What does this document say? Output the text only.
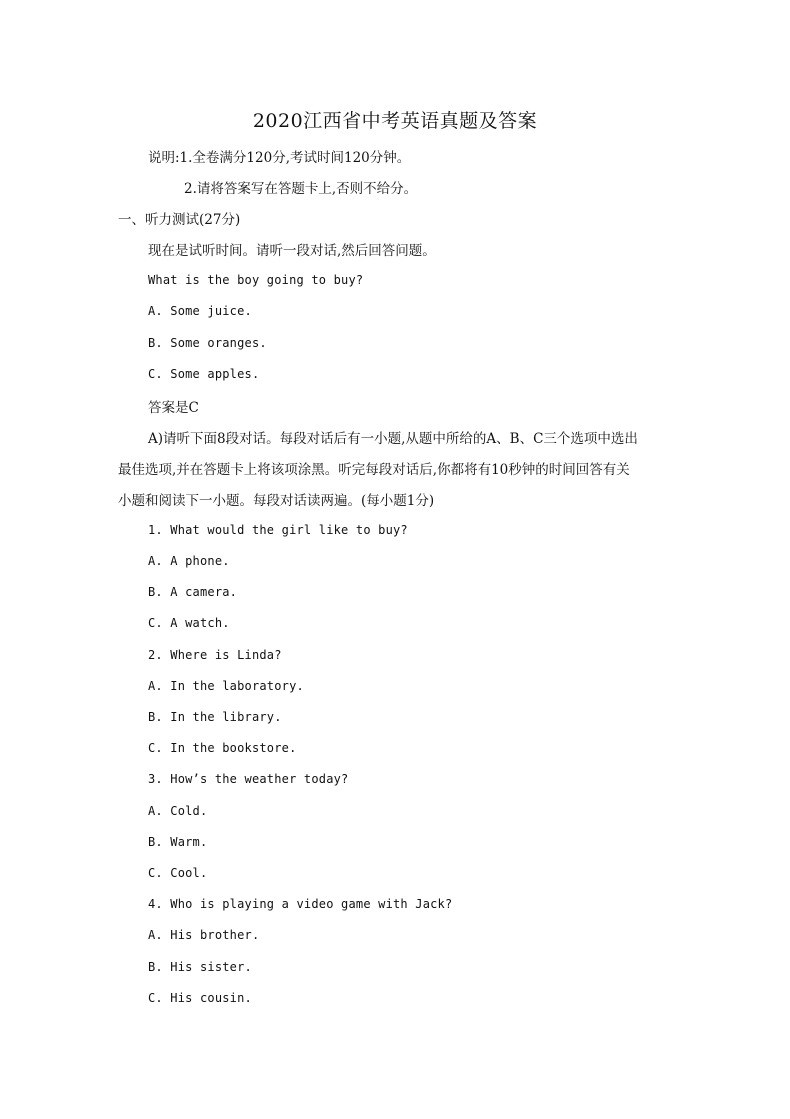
2020江西省中考英语真题及答案
说明:1.全卷满分120分,考试时间120分钟。
2.请将答案写在答题卡上,否则不给分。
一、听力测试(27分)
现在是试听时间。请听一段对话,然后回答问题。
What is the boy going to buy?
A. Some juice.
B. Some oranges.
C. Some apples.
答案是C
A)请听下面8段对话。每段对话后有一小题,从题中所给的A、B、C三个选项中选出
最佳选项,并在答题卡上将该项涂黑。听完每段对话后,你都将有10秒钟的时间回答有关
小题和阅读下一小题。每段对话读两遍。(每小题1分)
1. What would the girl like to buy?
A. A phone.
B. A camera.
C. A watch.
2. Where is Linda?
A. In the laboratory.
B. In the library.
C. In the bookstore.
3. How’s the weather today?
A. Cold.
B. Warm.
C. Cool.
4. Who is playing a video game with Jack?
A. His brother.
B. His sister.
C. His cousin.
